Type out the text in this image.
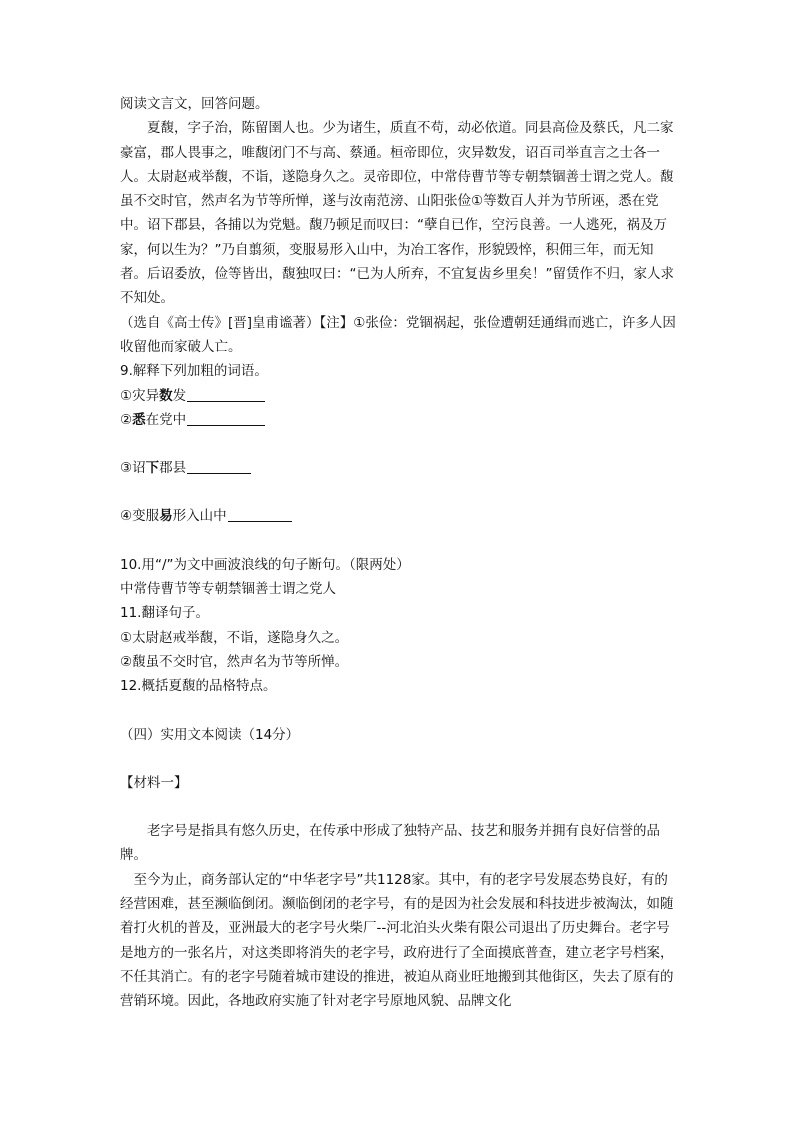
阅读文言文，回答问题。

夏馥，字子治，陈留圉人也。少为诸生，质直不苟，动必依道。同县高俭及蔡氏，凡二家豪富，郡人畏事之，唯馥闭门不与高、蔡通。桓帝即位，灾异数发，诏百司举直言之士各一人。太尉赵戒举馥，不诣，遂隐身久之。灵帝即位，中常侍曹节等专朝禁锢善士谓之党人。馥虽不交时官，然声名为节等所惮，遂与汝南范滂、山阳张俭①等数百人并为节所诬，悉在党中。诏下郡县，各捕以为党魁。馥乃顿足而叹曰：“孽自已作，空污良善。一人逃死，祸及万家，何以生为？”乃自翦须，变服易形入山中，为冶工客作，形貌毁悴，积佣三年，而无知者。后诏委放，俭等皆出，馥独叹曰：“已为人所弃，不宜复齿乡里矣！”留赁作不归，家人求不知处。

（选自《高士传》[晋]皇甫谧著）【注】①张俭：党锢祸起，张俭遭朝廷通缉而逃亡，许多人因收留他而家破人亡。

9.解释下列加粗的词语。

①灾异数发

②悉在党中

③诏下郡县

④变服易形入山中

10.用“/”为文中画波浪线的句子断句。（限两处）

中常侍曹节等专朝禁锢善士谓之党人

11.翻译句子。

①太尉赵戒举馥，不诣，遂隐身久之。

②馥虽不交时官，然声名为节等所惮。

12.概括夏馥的品格特点。

（四）实用文本阅读（14分）

【材料一】

老字号是指具有悠久历史，在传承中形成了独特产品、技艺和服务并拥有良好信誉的品牌。

至今为止，商务部认定的“中华老字号”共1128家。其中，有的老字号发展态势良好，有的经营困难，甚至濒临倒闭。濒临倒闭的老字号，有的是因为社会发展和科技进步被淘汰，如随着打火机的普及，亚洲最大的老字号火柴厂--河北泊头火柴有限公司退出了历史舞台。老字号是地方的一张名片，对这类即将消失的老字号，政府进行了全面摸底普查，建立老字号档案，不任其消亡。有的老字号随着城市建设的推进，被迫从商业旺地搬到其他街区，失去了原有的营销环境。因此，各地政府实施了针对老字号原地风貌、品牌文化
